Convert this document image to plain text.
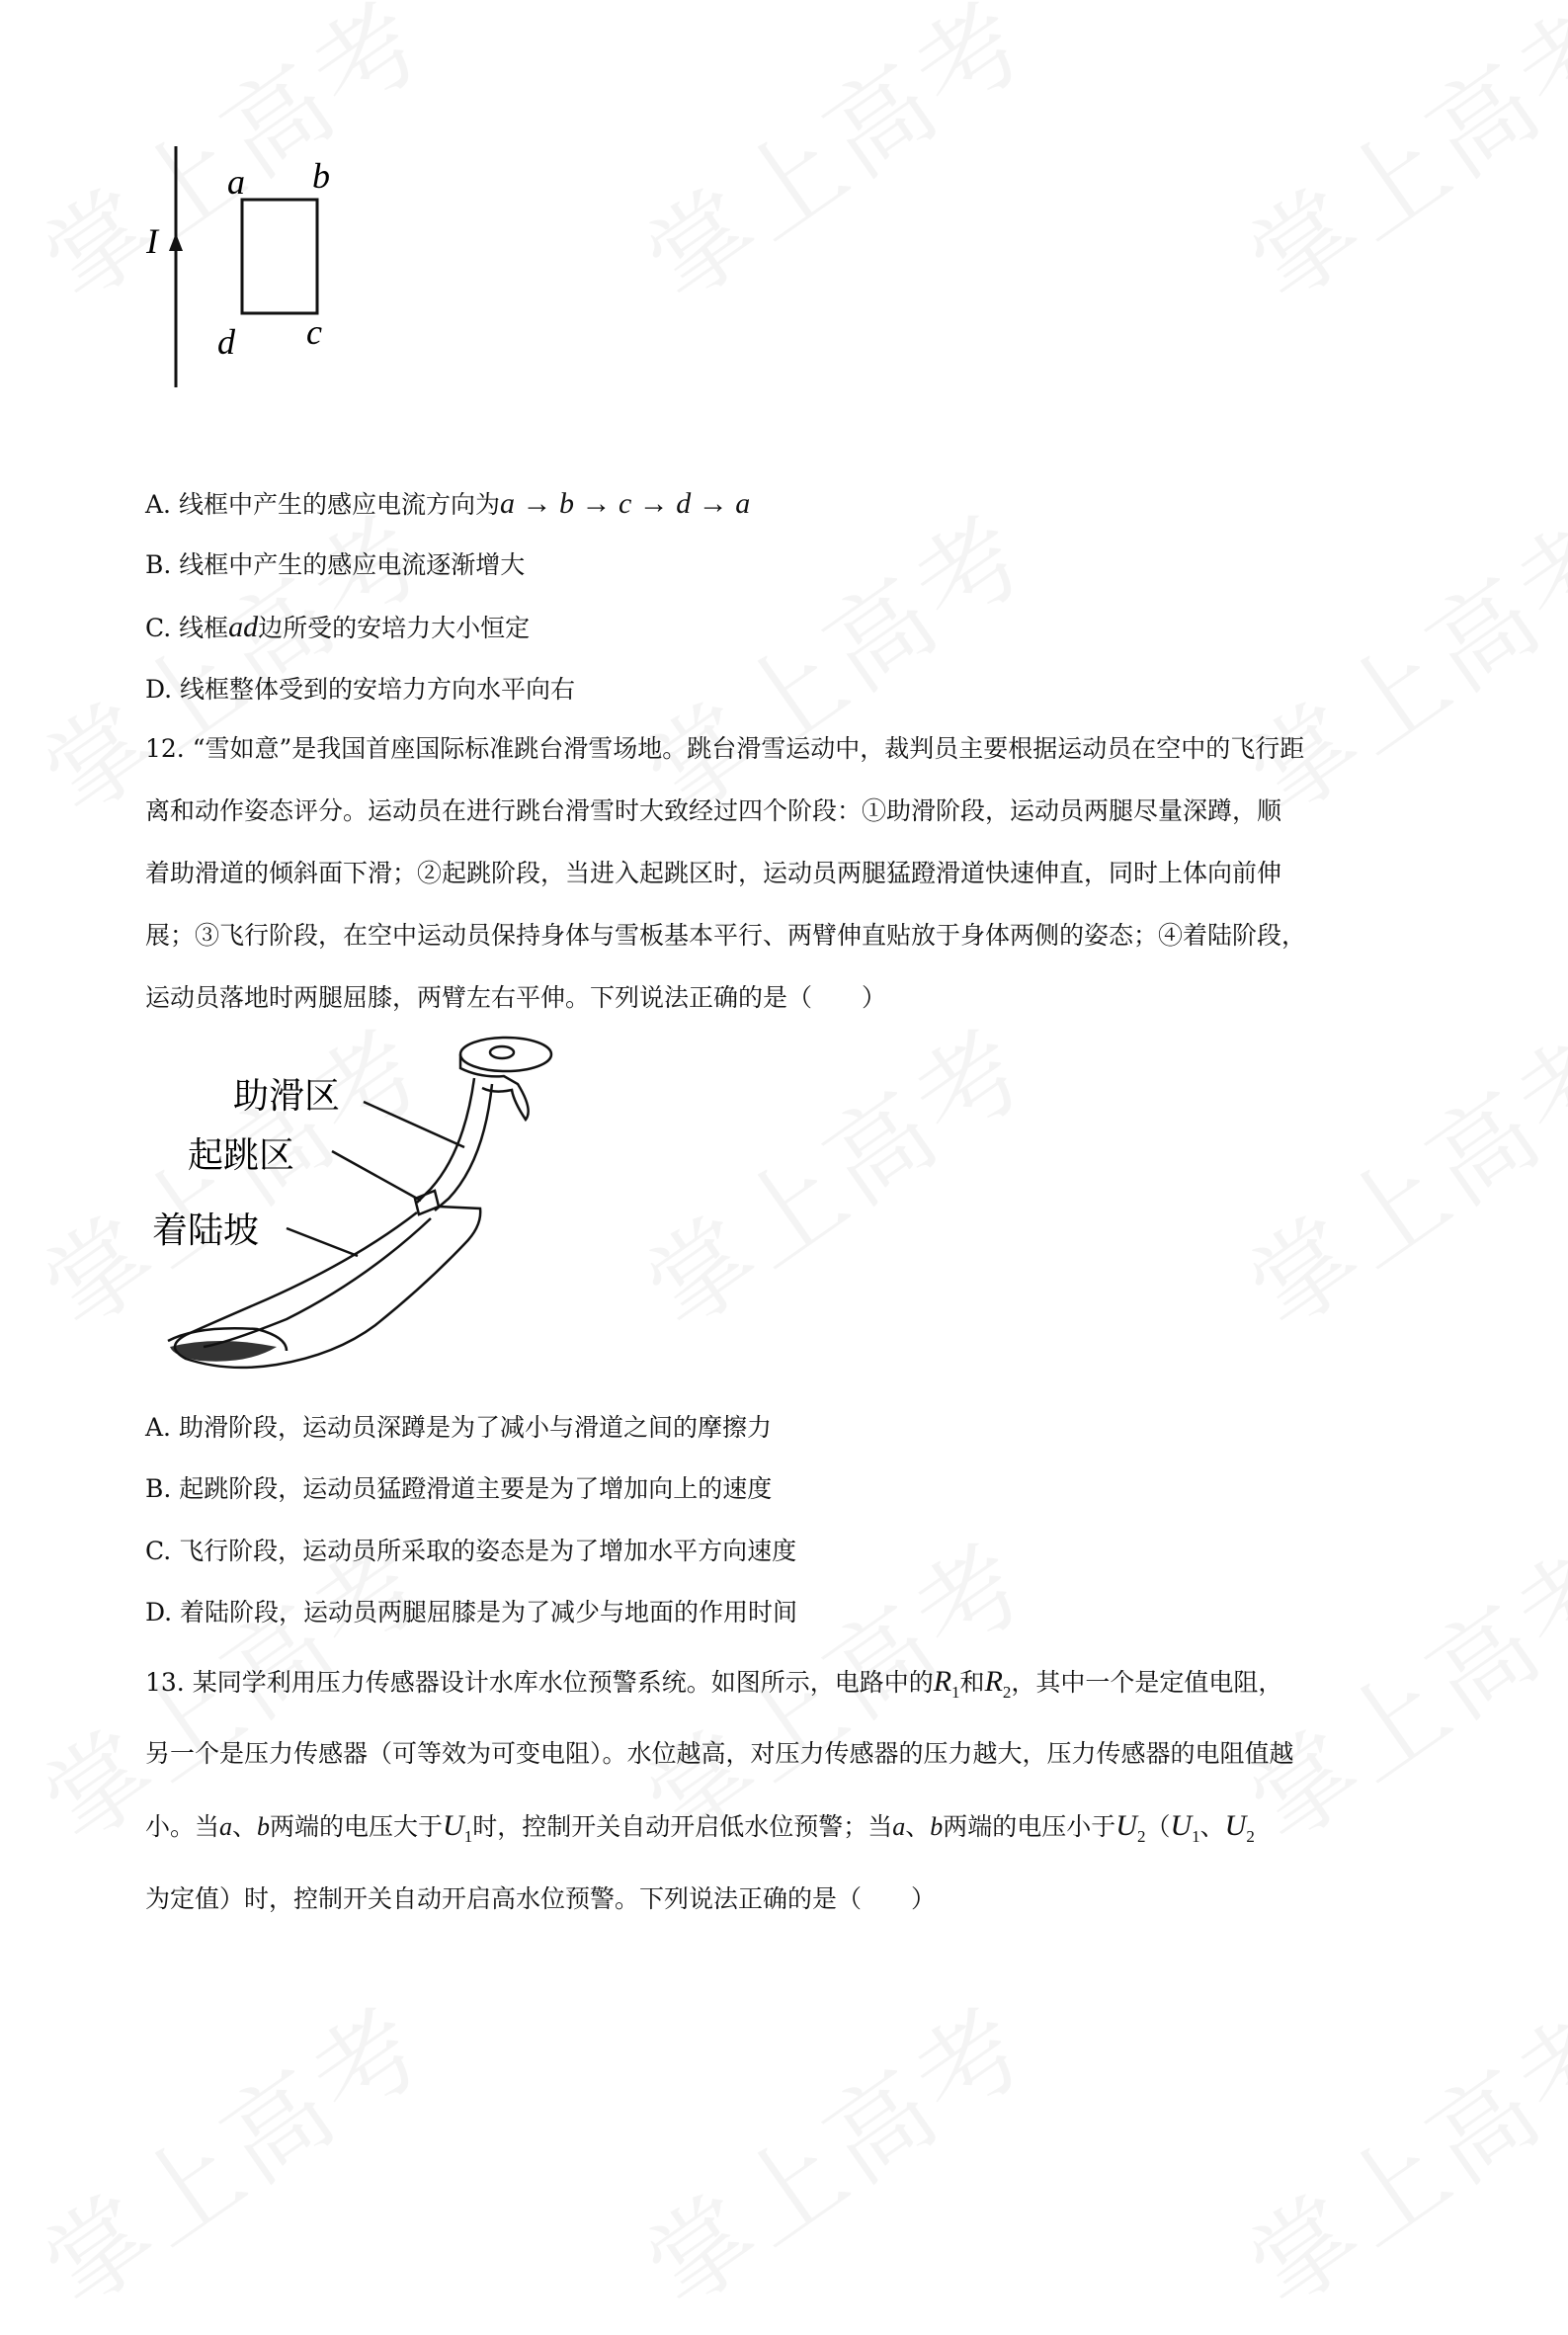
I
a b
c
d
A. 线框中产生的感应电流方向为a → b → c → d → a
B. 线框中产生的感应电流逐渐增大
C. 线框ad边所受的安培力大小恒定
D. 线框整体受到的安培力方向水平向右

12. “雪如意”是我国首座国际标准跳台滑雪场地。跳台滑雪运动中，裁判员主要根据运动员在空中的飞行距

离和动作姿态评分。运动员在进行跳台滑雪时大致经过四个阶段：①助滑阶段，运动员两腿尽量深蹲，顺

着助滑道的倾斜面下滑；②起跳阶段，当进入起跳区时，运动员两腿猛蹬滑道快速伸直，同时上体向前伸

展；③飞行阶段，在空中运动员保持身体与雪板基本平行、两臂伸直贴放于身体两侧的姿态；④着陆阶段，

运动员落地时两腿屈膝，两臂左右平伸。下列说法正确的是（　　）

助滑区
起跳区
着陆坡
A. 助滑阶段，运动员深蹲是为了减小与滑道之间的摩擦力
B. 起跳阶段，运动员猛蹬滑道主要是为了增加向上的速度
C. 飞行阶段，运动员所采取的姿态是为了增加水平方向速度
D. 着陆阶段，运动员两腿屈膝是为了减少与地面的作用时间
13. 某同学利用压力传感器设计水库水位预警系统。如图所示，电路中的$R_1$和$R_2$，其中一个是定值电阻，
另一个是压力传感器（可等效为可变电阻）。水位越高，对压力传感器的压力越大，压力传感器的电阻值越
小。当a、b两端的电压大于$U_1$时，控制开关自动开启低水位预警；当a、b两端的电压小于$U_2(U_1$、$U_2$
为定值）时，控制开关自动开启高水位预警。下列说法正确的是（　　）
